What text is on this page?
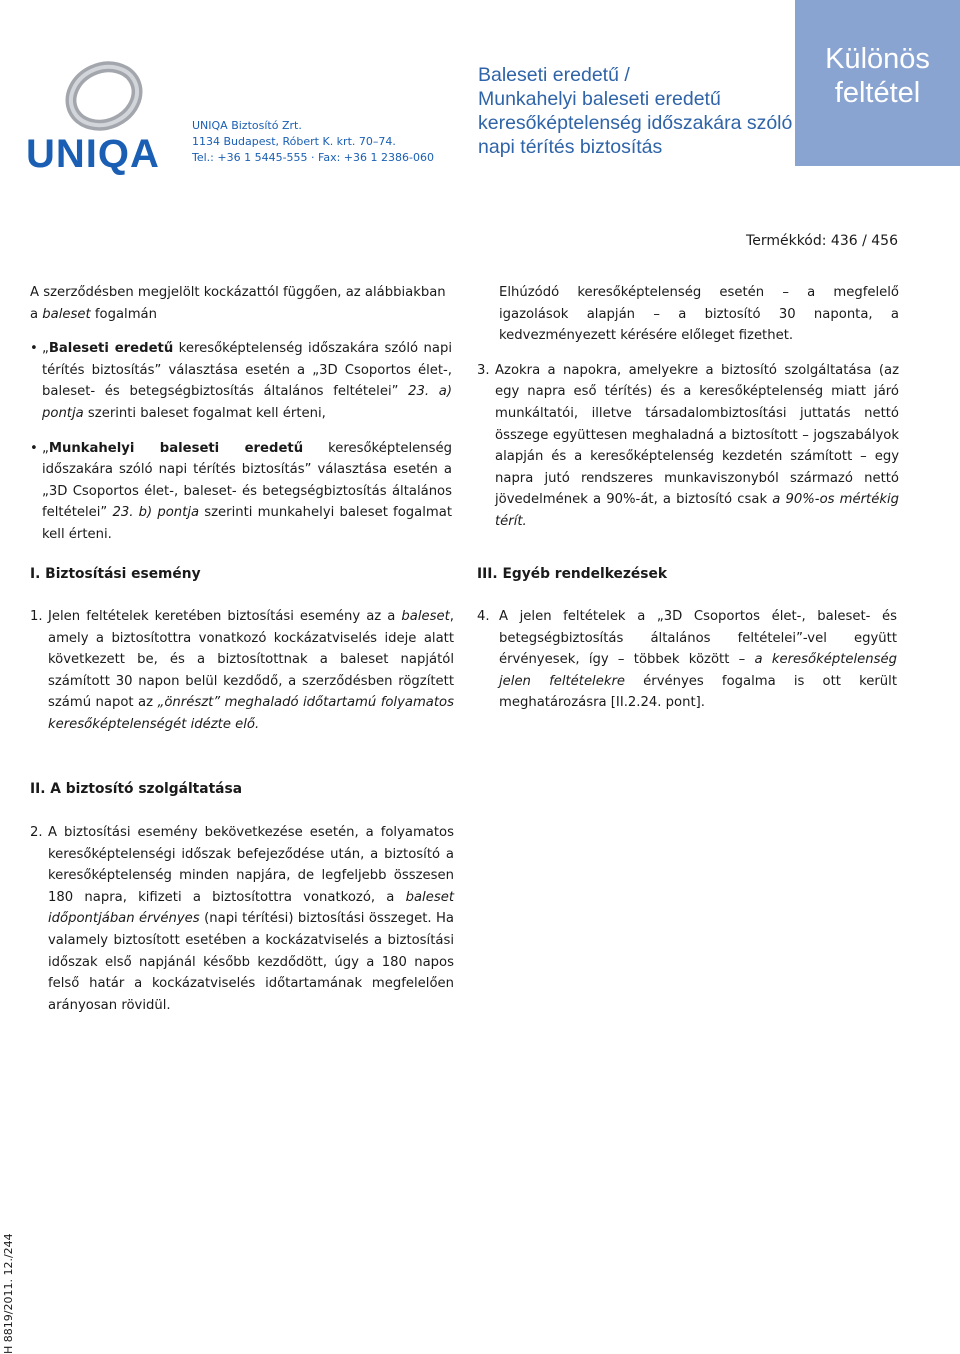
UNIQA
UNIQA Biztosító Zrt.
1134 Budapest, Róbert K. krt. 70–74.
Tel.: +36 1 5445-555 · Fax: +36 1 2386-060
Baleseti eredetű /
Munkahelyi baleseti eredetű
keresőképtelenség időszakára szóló
napi térítés biztosítás
Különös
feltétel
Termékkód: 436 / 456

A szerződésben megjelölt kockázattól függően, az alábbiakban

a baleset fogalmán

• „Baleseti eredetű keresőképtelenség időszakára szóló napi térítés biztosítás” választása esetén a „3D Csoportos élet-, baleset- és betegségbiztosítás általános feltételei” 23. a) pontja szerinti baleset fogalmat kell érteni,

• „Munkahelyi baleseti eredetű keresőképtelenség időszakára szóló napi térítés biztosítás” választása esetén a „3D Csoportos élet-, baleset- és betegségbiztosítás általános feltételei” 23. b) pontja szerinti munkahelyi baleset fogalmat kell érteni.

Elhúzódó keresőképtelenség esetén – a megfelelő igazolások alapján – a biztosító 30 naponta, a kedvezményezett kérésére előleget fizethet.

3. Azokra a napokra, amelyekre a biztosító szolgáltatása (az egy napra eső térítés) és a keresőképtelenség miatt járó munkáltatói, illetve társadalombiztosítási juttatás nettó összege együttesen meghaladná a biztosított – jogszabályok alapján és a keresőképtelenség kezdetén számított – egy napra jutó rendszeres munkaviszonyból származó nettó jövedelmének a 90%-át, a biztosító csak a 90%-os mértékig térít.

I. Biztosítási esemény	III. Egyéb rendelkezések
II. A biztosító szolgáltatása

1. Jelen feltételek keretében biztosítási esemény az a baleset, amely a biztosítottra vonatkozó kockázatviselés ideje alatt következett be, és a biztosítottnak a baleset napjától számított 30 napon belül kezdődő, a szerződésben rögzített számú napot az „önrészt” meghaladó időtartamú folyamatos keresőképtelenségét idézte elő.

4. A jelen feltételek a „3D Csoportos élet-, baleset- és betegségbiztosítás általános feltételei”-vel együtt érvényesek, így – többek között – a keresőképtelenség jelen feltételekre érvényes fogalma is ott került meghatározásra [II.2.24. pont].

2. A biztosítási esemény bekövetkezése esetén, a folyamatos keresőképtelenségi időszak befejeződése után, a biztosító a keresőképtelenség minden napjára, de legfeljebb összesen 180 napra, kifizeti a biztosítottra vonatkozó, a baleset időpontjában érvényes (napi térítési) biztosítási összeget. Ha valamely biztosított esetében a kockázatviselés a biztosítási időszak első napjánál később kezdődött, úgy a 180 napos felső határ a kockázatviselés időtartamának megfelelően arányosan rövidül.

H 8819/2011. 12./244
